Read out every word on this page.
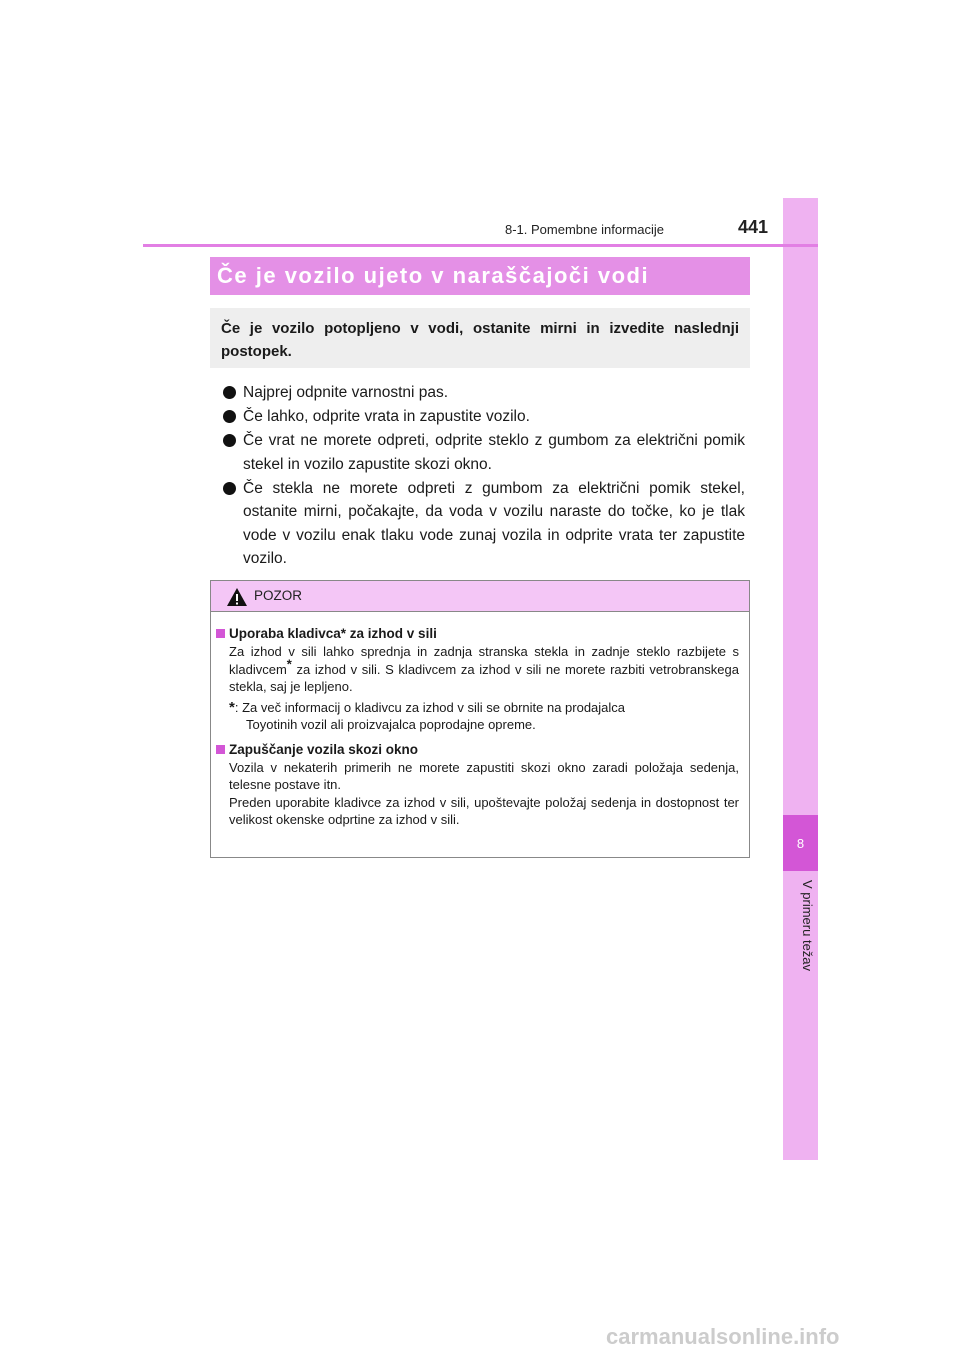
8
V primeru težav
8-1. Pomembne informacije	441
Če je vozilo ujeto v naraščajoči vodi
Če je vozilo potopljeno v vodi, ostanite mirni in izvedite naslednji postopek.
Najprej odpnite varnostni pas.
Če lahko, odprite vrata in zapustite vozilo.
Če vrat ne morete odpreti, odprite steklo z gumbom za električni pomik stekel in vozilo zapustite skozi okno.
Če stekla ne morete odpreti z gumbom za električni pomik stekel, ostanite mirni, počakajte, da voda v vozilu naraste do točke, ko je tlak vode v vozilu enak tlaku vode zunaj vozila in odprite vrata ter zapustite vozilo.
POZOR
Uporaba kladivca* za izhod v sili
Za izhod v sili lahko sprednja in zadnja stranska stekla in zadnje steklo razbijete s kladivcem* za izhod v sili. S kladivcem za izhod v sili ne morete razbiti vetrobranskega stekla, saj je lepljeno.
*: Za več informacij o kladivcu za izhod v sili se obrnite na prodajalca
Toyotinih vozil ali proizvajalca poprodajne opreme.
Zapuščanje vozila skozi okno
Vozila v nekaterih primerih ne morete zapustiti skozi okno zaradi položaja sedenja, telesne postave itn.
Preden uporabite kladivce za izhod v sili, upoštevajte položaj sedenja in dostopnost ter velikost okenske odprtine za izhod v sili.
carmanualsonline.info
